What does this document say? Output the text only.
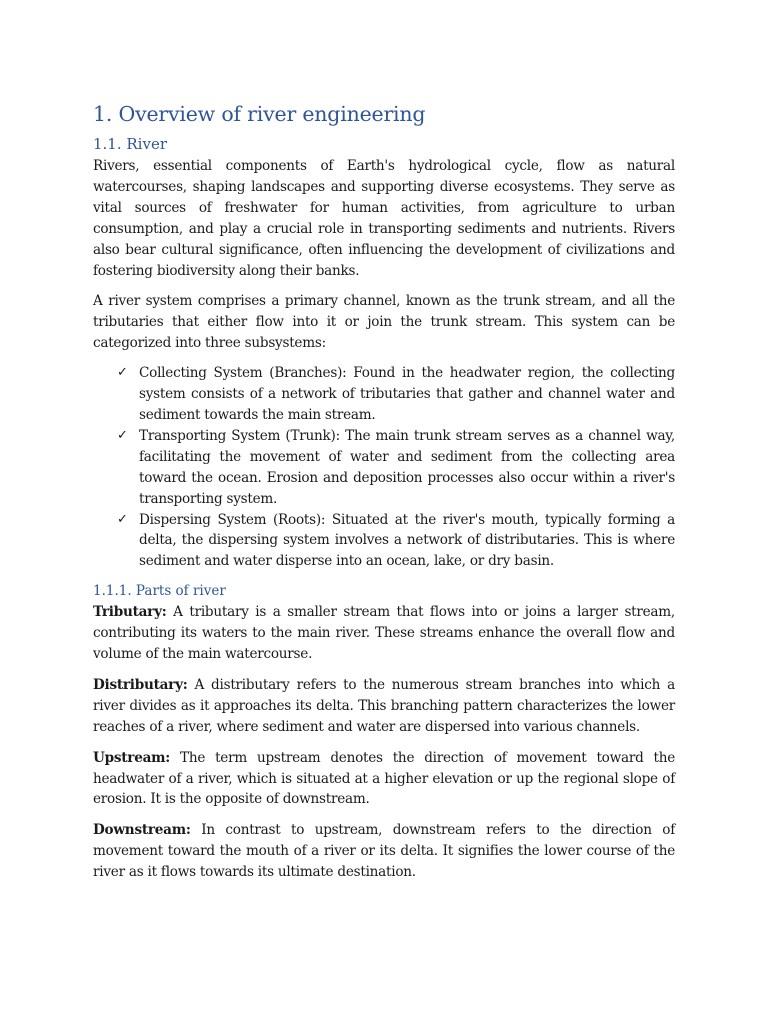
1. Overview of river engineering
1.1. River

Rivers, essential components of Earth's hydrological cycle, flow as natural watercourses, shaping landscapes and supporting diverse ecosystems. They serve as vital sources of freshwater for human activities, from agriculture to urban consumption, and play a crucial role in transporting sediments and nutrients. Rivers also bear cultural significance, often influencing the development of civilizations and fostering biodiversity along their banks.

A river system comprises a primary channel, known as the trunk stream, and all the tributaries that either flow into it or join the trunk stream. This system can be categorized into three subsystems:

✓ Collecting System (Branches): Found in the headwater region, the collecting system consists of a network of tributaries that gather and channel water and sediment towards the main stream.
✓ Transporting System (Trunk): The main trunk stream serves as a channel way, facilitating the movement of water and sediment from the collecting area toward the ocean. Erosion and deposition processes also occur within a river's transporting system.
✓ Dispersing System (Roots): Situated at the river's mouth, typically forming a delta, the dispersing system involves a network of distributaries. This is where sediment and water disperse into an ocean, lake, or dry basin.
1.1.1. Parts of river

Tributary: A tributary is a smaller stream that flows into or joins a larger stream, contributing its waters to the main river. These streams enhance the overall flow and volume of the main watercourse.

Distributary: A distributary refers to the numerous stream branches into which a river divides as it approaches its delta. This branching pattern characterizes the lower reaches of a river, where sediment and water are dispersed into various channels.

Upstream: The term upstream denotes the direction of movement toward the headwater of a river, which is situated at a higher elevation or up the regional slope of erosion. It is the opposite of downstream.

Downstream: In contrast to upstream, downstream refers to the direction of movement toward the mouth of a river or its delta. It signifies the lower course of the river as it flows towards its ultimate destination.
